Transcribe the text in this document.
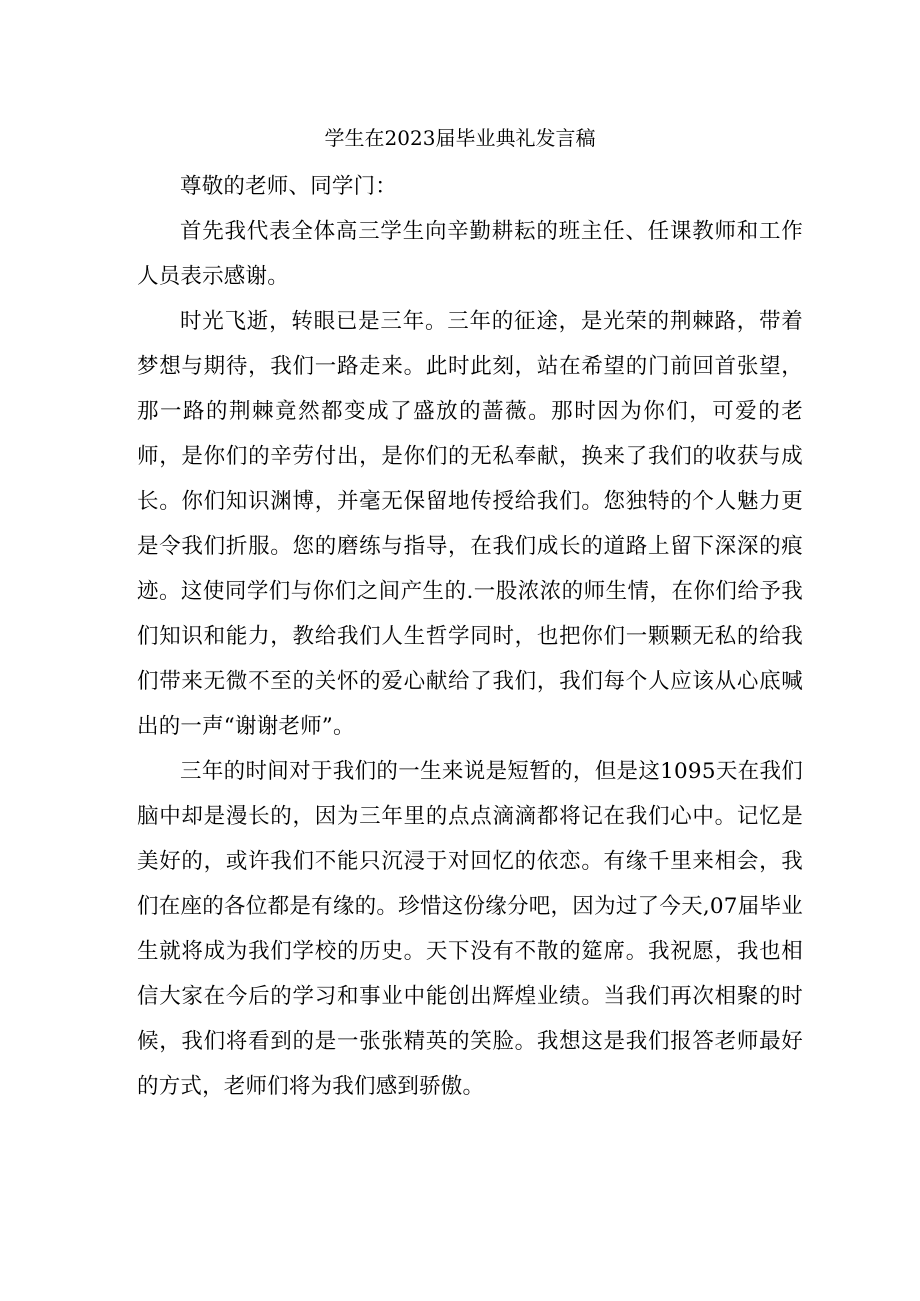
学生在2023届毕业典礼发言稿

尊敬的老师、同学门：

首先我代表全体高三学生向辛勤耕耘的班主任、任课教师和工作人员表示感谢。

时光飞逝，转眼已是三年。三年的征途，是光荣的荆棘路，带着梦想与期待，我们一路走来。此时此刻，站在希望的门前回首张望，那一路的荆棘竟然都变成了盛放的蔷薇。那时因为你们，可爱的老师，是你们的辛劳付出，是你们的无私奉献，换来了我们的收获与成长。你们知识渊博，并毫无保留地传授给我们。您独特的个人魅力更是令我们折服。您的磨练与指导，在我们成长的道路上留下深深的痕迹。这使同学们与你们之间产生的.一股浓浓的师生情，在你们给予我们知识和能力，教给我们人生哲学同时，也把你们一颗颗无私的给我们带来无微不至的关怀的爱心献给了我们，我们每个人应该从心底喊出的一声“谢谢老师”。

三年的时间对于我们的一生来说是短暂的，但是这1095天在我们脑中却是漫长的，因为三年里的点点滴滴都将记在我们心中。记忆是美好的，或许我们不能只沉浸于对回忆的依恋。有缘千里来相会，我们在座的各位都是有缘的。珍惜这份缘分吧，因为过了今天,07届毕业生就将成为我们学校的历史。天下没有不散的筵席。我祝愿，我也相信大家在今后的学习和事业中能创出辉煌业绩。当我们再次相聚的时候，我们将看到的是一张张精英的笑脸。我想这是我们报答老师最好的方式，老师们将为我们感到骄傲。
